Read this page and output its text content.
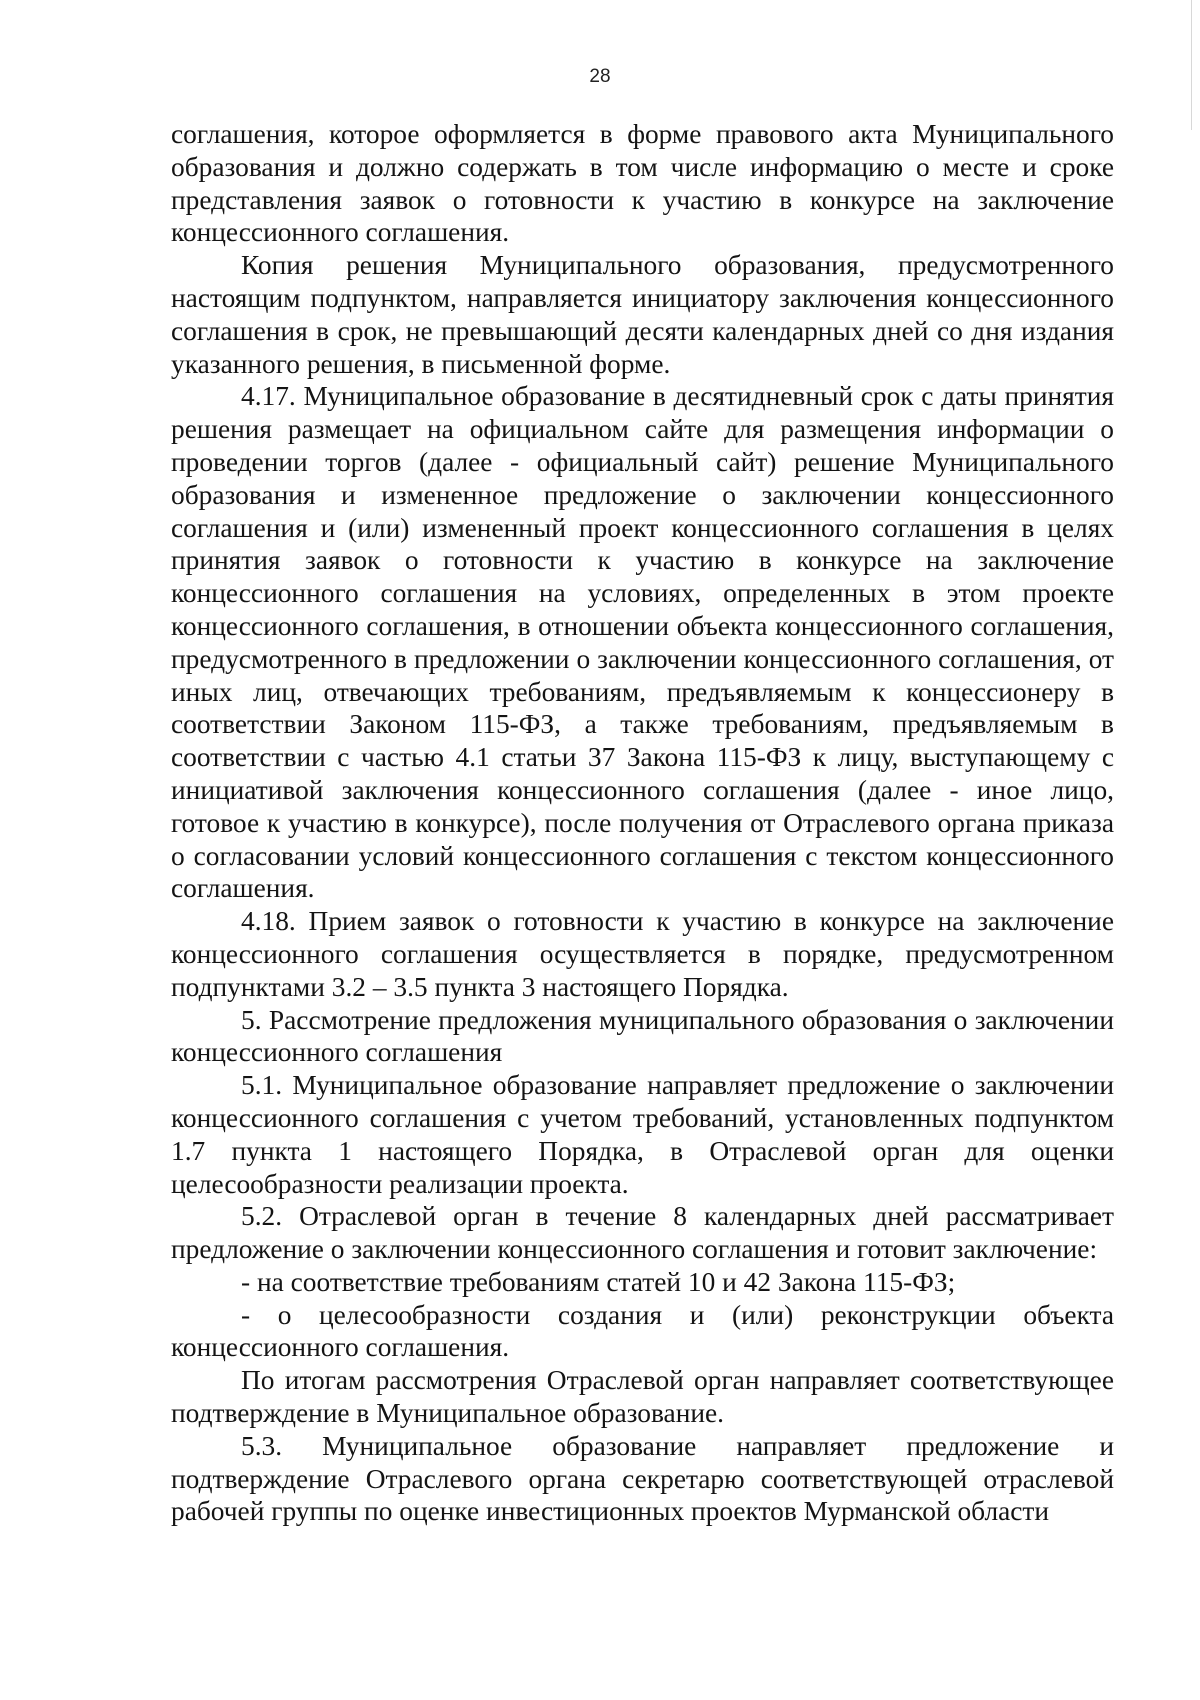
28

соглашения, которое оформляется в форме правового акта Муниципального образования и должно содержать в том числе информацию о месте и сроке представления заявок о готовности к участию в конкурсе на заключение концессионного соглашения.

Копия решения Муниципального образования, предусмотренного настоящим подпунктом, направляется инициатору заключения концессионного соглашения в срок, не превышающий десяти календарных дней со дня издания указанного решения, в письменной форме.

4.17. Муниципальное образование в десятидневный срок с даты принятия решения размещает на официальном сайте для размещения информации о проведении торгов (далее - официальный сайт) решение Муниципального образования и измененное предложение о заключении концессионного соглашения и (или) измененный проект концессионного соглашения в целях принятия заявок о готовности к участию в конкурсе на заключение концессионного соглашения на условиях, определенных в этом проекте концессионного соглашения, в отношении объекта концессионного соглашения, предусмотренного в предложении о заключении концессионного соглашения, от иных лиц, отвечающих требованиям, предъявляемым к концессионеру в соответствии Законом 115-ФЗ, а также требованиям, предъявляемым в соответствии с частью 4.1 статьи 37 Закона 115-ФЗ к лицу, выступающему с инициативой заключения концессионного соглашения (далее - иное лицо, готовое к участию в конкурсе), после получения от Отраслевого органа приказа о согласовании условий концессионного соглашения с текстом концессионного соглашения.

4.18. Прием заявок о готовности к участию в конкурсе на заключение концессионного соглашения осуществляется в порядке, предусмотренном подпунктами 3.2 – 3.5 пункта 3 настоящего Порядка.

5. Рассмотрение предложения муниципального образования о заключении концессионного соглашения

5.1. Муниципальное образование направляет предложение о заключении концессионного соглашения с учетом требований, установленных подпунктом 1.7 пункта 1 настоящего Порядка, в Отраслевой орган для оценки целесообразности реализации проекта.

5.2. Отраслевой орган в течение 8 календарных дней рассматривает предложение о заключении концессионного соглашения и готовит заключение:

- на соответствие требованиям статей 10 и 42 Закона 115-ФЗ;

- о целесообразности создания и (или) реконструкции объекта концессионного соглашения.

По итогам рассмотрения Отраслевой орган направляет соответствующее подтверждение в Муниципальное образование.

5.3. Муниципальное образование направляет предложение и подтверждение Отраслевого органа секретарю соответствующей отраслевой рабочей группы по оценке инвестиционных проектов Мурманской области
